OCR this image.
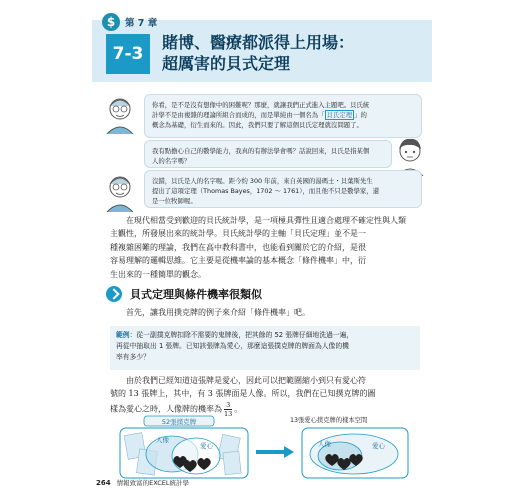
$	第 7 章
7-3
賭博、醫療都派得上用場：
超厲害的貝式定理
你看，是不是沒有想像中的困難呢？那麼，就讓我們正式進入主題吧。貝氏統
計學不是由複雜的理論所組合而成的，而是單純由一個名為「 貝氏定理 」的
概念為基礎，衍生而來的。因此，我們只要了解這個貝氏定理就沒問題了。
我有點擔心自己的數學能力，我真的有辦法學會嗎？話說回來，貝氏是指某個
人的名字嗎？
沒錯，貝氏是人的名字喔。距今約 300 年前，來自英國的湯瑪士・貝葉斯先生
提出了這項定理（Thomas Bayes，1702 ～ 1761），而且他不只是數學家，還
是一位牧師喔。
在現代相當受到歡迎的貝氏統計學，是一項極具彈性且適合處理不確定性與人類
主觀性，所發展出來的統計學。貝氏統計學的主軸「貝氏定理」並不是一
種複雜困難的理論，我們在高中教科書中，也能看到關於它的介紹，是很
容易理解的邏輯思維。它主要是從機率論的基本概念「條件機率」中，衍
生出來的一種簡單的觀念。
貝式定理與條件機率很類似
首先，讓我用撲克牌的例子來介紹「條件機率」吧。
範例：從一副撲克牌扣除不需要的鬼牌後，把其餘的 52 張牌仔細地洗過一遍，
再從中抽取出 1 張牌。已知該張牌為愛心，那麼這張撲克牌的牌面為人像的機
率有多少？
由於我們已經知道這張牌是愛心，因此可以把範圍縮小到只有愛心符
號的 13 張牌上，其中，有 3 張牌面是人像。所以，我們在已知撲克牌的圖
樣為愛心之時，人像牌的機率為 $\frac{3}{13}$ 。
52張撲克牌
人像
愛心
13張愛心撲克牌的樣本空間
人像	愛心
264 情報致富的EXCEL統計學
